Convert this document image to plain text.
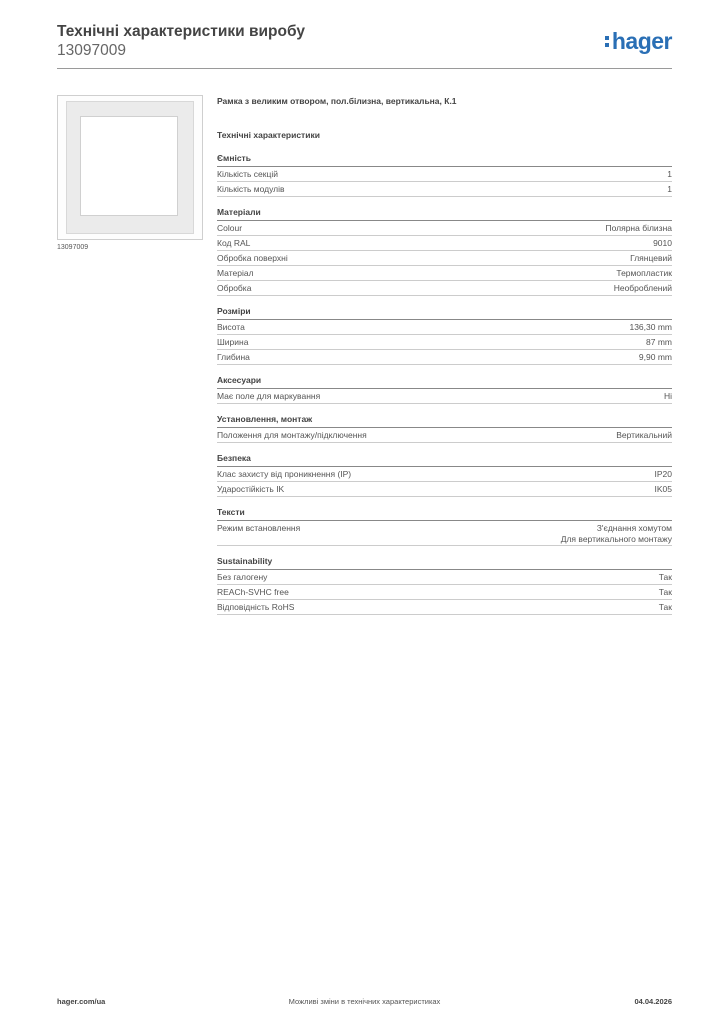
Технічні характеристики виробу
13097009	hager
13097009
Рамка з великим отвором, пол.білизна, вертикальна, К.1
Технічні характеристики
Ємність
Кількість секцій	1
Кількість модулів	1
Матеріали
Colour	Полярна білизна
Код RAL	9010
Обробка поверхні	Глянцевий
Матеріал	Термопластик
Обробка	Необроблений
Розміри
Висота	136,30 mm
Ширина	87 mm
Глибина	9,90 mm
Аксесуари
Має поле для маркування	Ні
Установлення, монтаж
Положення для монтажу/підключення	Вертикальний
Безпека
Клас захисту від проникнення (IP)	IP20
Ударостійкість IK	IK05
Тексти
Режим встановлення	З'єднання хомутом
Для вертикального монтажу
Sustainability
Без галогену	Так
REACh-SVHC free	Так
Відповідність RoHS	Так
Можливі зміни в технічних характеристиках
hager.com/ua	04.04.2026
